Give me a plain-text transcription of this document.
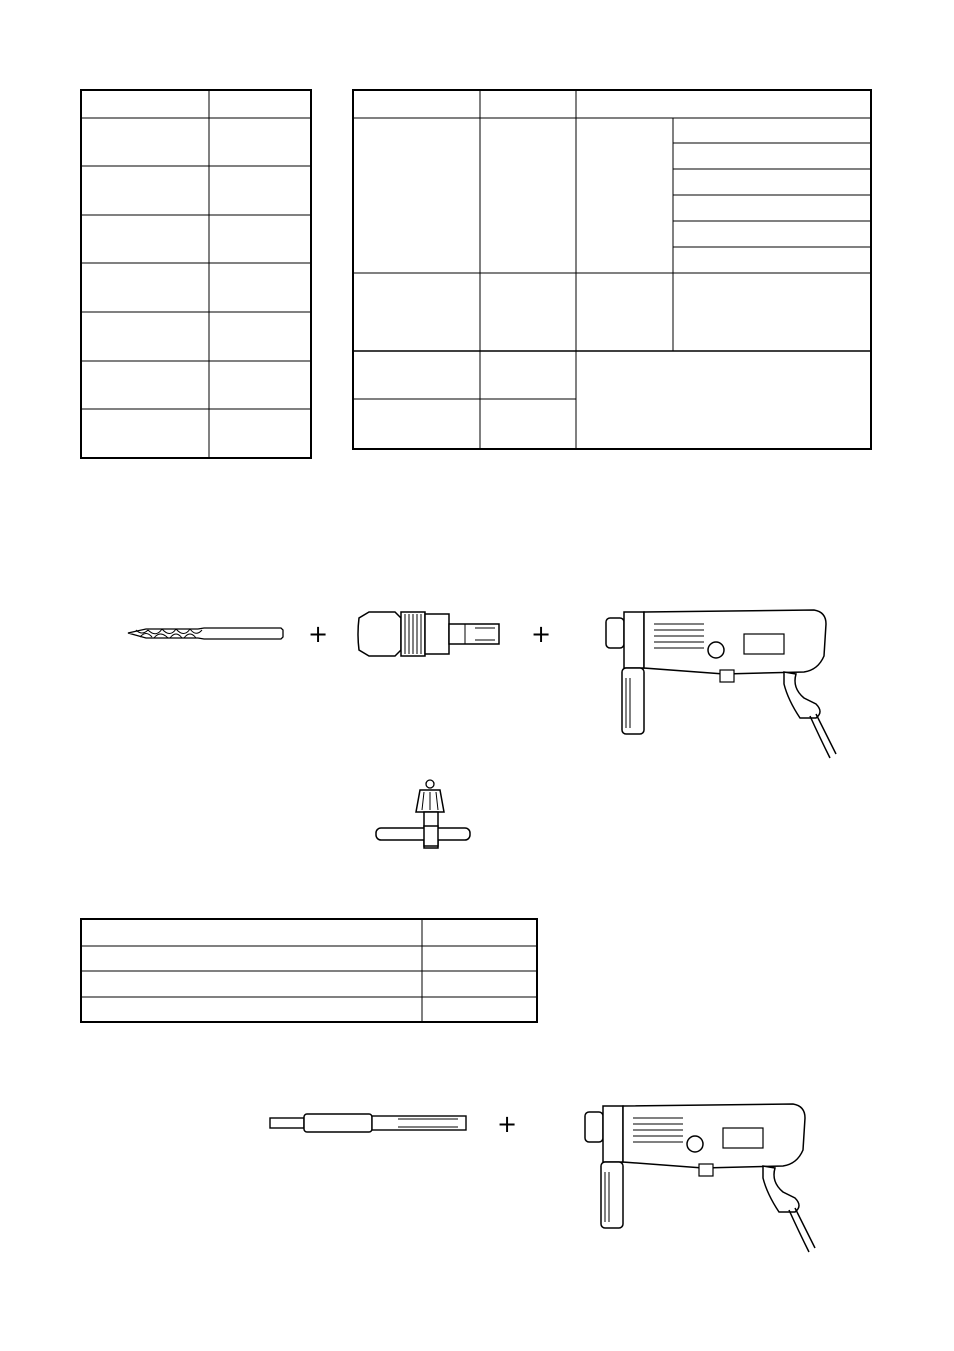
+	+
+
